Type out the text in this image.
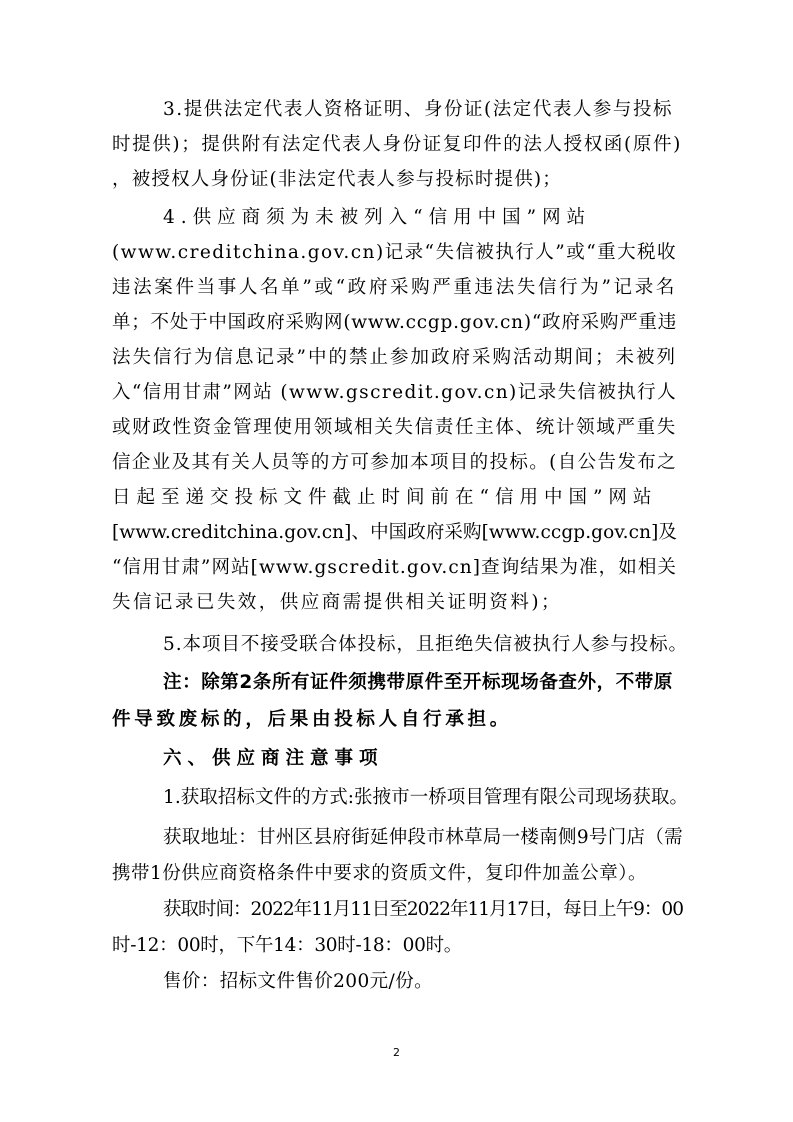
3.提供法定代表人资格证明、身份证(法定代表人参与投标
时提供)；提供附有法定代表人身份证复印件的法人授权函(原件)
，被授权人身份证(非法定代表人参与投标时提供)；
4.供应商须为未被列入“信用中国”网站
(www.creditchina.gov.cn)记录“失信被执行人”或“重大税收
违法案件当事人名单”或“政府采购严重违法失信行为”记录名
单；不处于中国政府采购网(www.ccgp.gov.cn)“政府采购严重违
法失信行为信息记录”中的禁止参加政府采购活动期间；未被列
入“信用甘肃”网站 (www.gscredit.gov.cn)记录失信被执行人
或财政性资金管理使用领域相关失信责任主体、统计领域严重失
信企业及其有关人员等的方可参加本项目的投标。(自公告发布之
日起至递交投标文件截止时间前在“信用中国”网站
[www.creditchina.gov.cn]、中国政府采购[www.ccgp.gov.cn]及
“信用甘肃”网站[www.gscredit.gov.cn]查询结果为准，如相关
失信记录已失效，供应商需提供相关证明资料)；
5.本项目不接受联合体投标，且拒绝失信被执行人参与投标。
注：除第2条所有证件须携带原件至开标现场备查外，不带原
件导致废标的，后果由投标人自行承担。
六、供应商注意事项
1.获取招标文件的方式:张掖市一桥项目管理有限公司现场获取。
获取地址：甘州区县府街延伸段市林草局一楼南侧9号门店（需
携带1份供应商资格条件中要求的资质文件，复印件加盖公章）。
获取时间：2022年11月11日至2022年11月17日，每日上午9：00
时-12：00时，下午14：30时-18：00时。
售价：招标文件售价200元/份。
2
